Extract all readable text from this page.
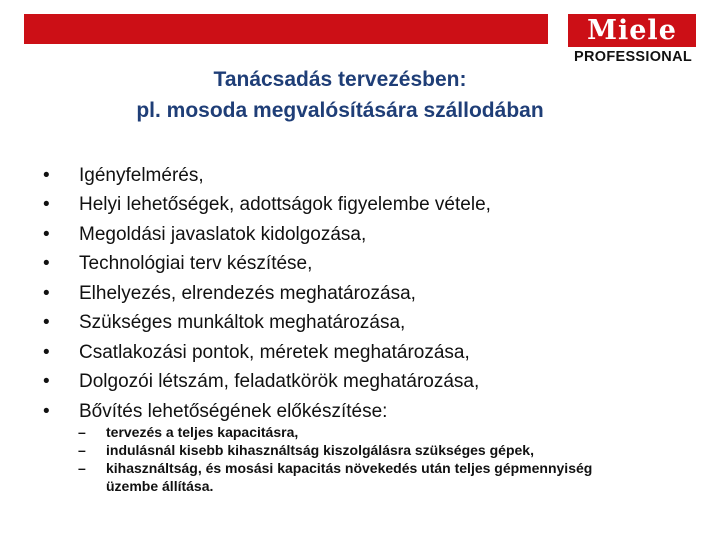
Miele
PROFESSIONAL
Tanácsadás tervezésben:
pl. mosoda megvalósítására szállodában
•	Igényfelmérés,
•	Helyi lehetőségek, adottságok figyelembe vétele,
•	Megoldási javaslatok kidolgozása,
•	Technológiai terv készítése,
•	Elhelyezés, elrendezés meghatározása,
•	Szükséges munkáltok meghatározása,
•	Csatlakozási pontok, méretek meghatározása,
•	Dolgozói létszám, feladatkörök meghatározása,
•	Bővítés lehetőségének előkészítése:
–	tervezés a teljes kapacitásra,
–	indulásnál kisebb kihasználtság kiszolgálásra szükséges gépek,
–	kihasználtság, és mosási kapacitás növekedés után teljes gépmennyiség üzembe állítása.
